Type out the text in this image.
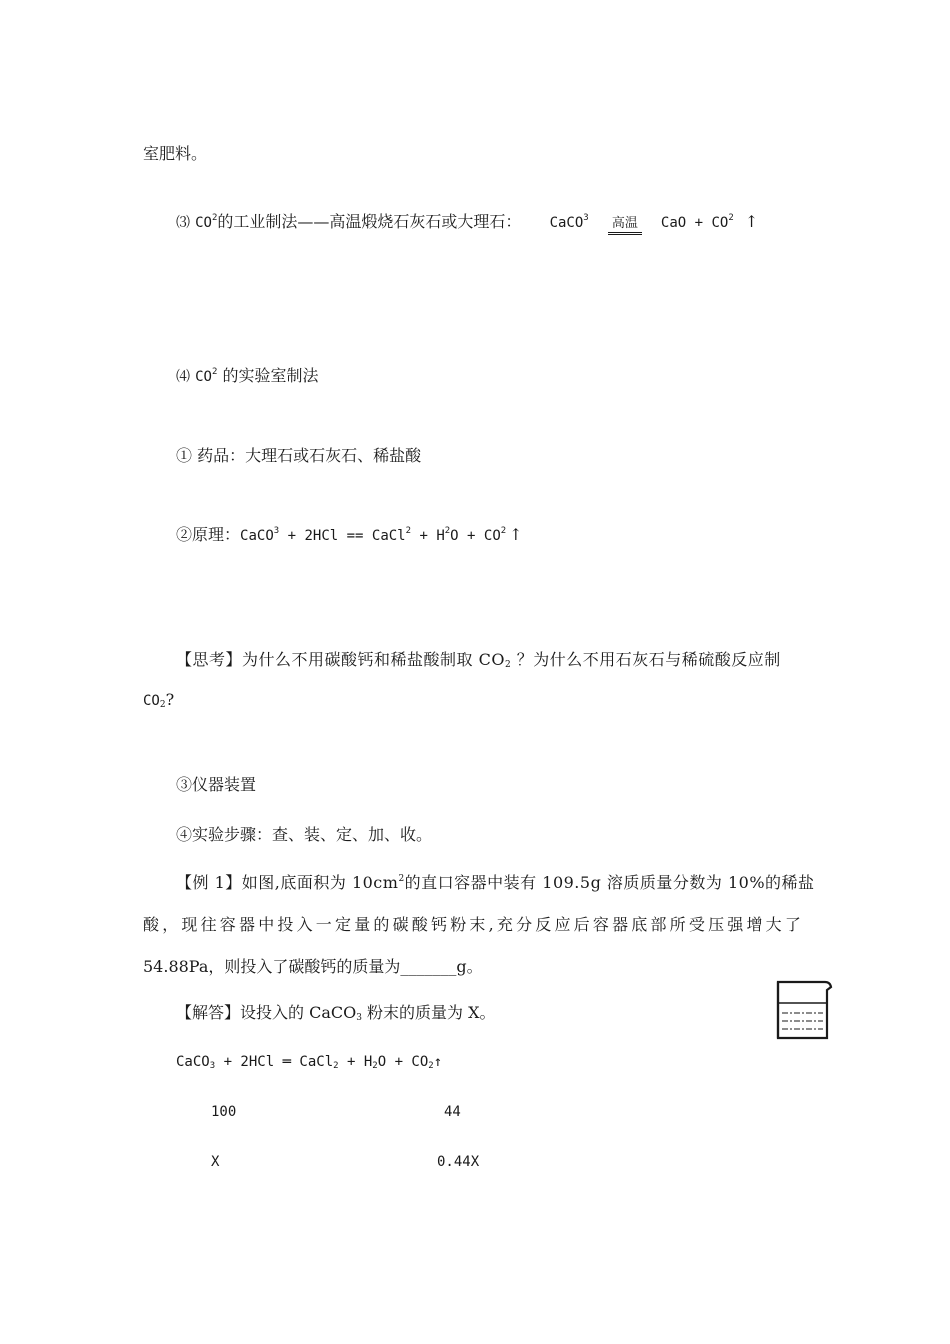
室肥料。
⑶ $CO^2$的工业制法——高温煅烧石灰石或大理石： CaCO$^3$ 高温 CaO + $CO^2$ ↑
⑷ $CO^2$ 的实验室制法
① 药品：大理石或石灰石、稀盐酸
②原理：CaCO$^3$ + 2HCl == CaCl$^2$ + $H^2O + CO^2$ ↑
【思考】为什么不用碳酸钙和稀盐酸制取 $CO_2$ ？为什么不用石灰石与稀硫酸反应制
$CO_2$?
③仪器装置
④实验步骤：查、装、定、加、收。
【例 1】如图,底面积为 $10cm^2$的直口容器中装有 109.5g 溶质质量分数为 10%的稀盐
酸，现往容器中投入一定量的碳酸钙粉末,充分反应后容器底部所受压强增大了
54.88Pa，则投入了碳酸钙的质量为_______g。
【解答】设投入的 CaCO$_3$ 粉末的质量为 X。
CaCO$_3$ + 2HCl ═ CaCl$_2$ + $H_2O$ + $CO_2↑$
100	44
X	0.44X
